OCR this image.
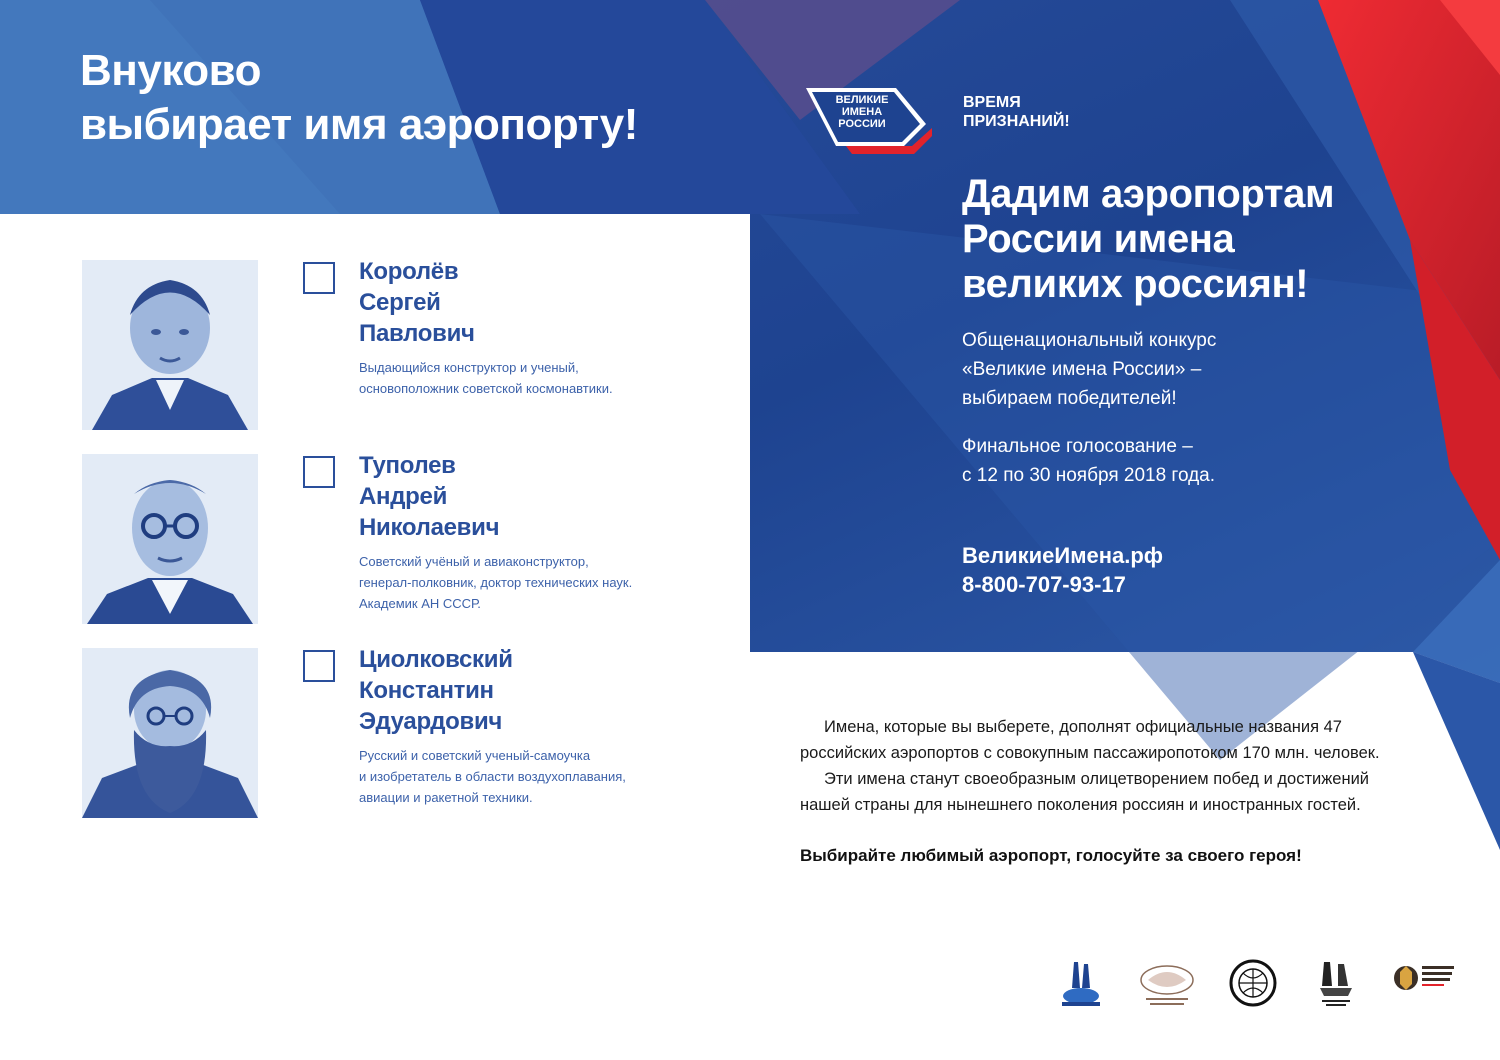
Внуково
выбирает имя аэропорту!
Королёв
Сергей
Павлович
Выдающийся конструктор и ученый,
основоположник советской космонавтики.
Туполев
Андрей
Николаевич
Советский учёный и авиаконструктор,
генерал-полковник, доктор технических наук.
Академик АН СССР.
Циолковский
Константин
Эдуардович
Русский и советский ученый-самоучка
и изобретатель в области воздухоплавания,
авиации и ракетной техники.
ВЕЛИКИЕ
ИМЕНА
РОССИИ
ВРЕМЯ
ПРИЗНАНИЙ!
Дадим аэропортам
России имена
великих россиян!
Общенациональный конкурс
«Великие имена России» –
выбираем победителей!
Финальное голосование –
с 12 по 30 ноября 2018 года.
ВеликиеИмена.рф
8-800-707-93-17

Имена, которые вы выберете, дополнят официальные названия 47
российских аэропортов с совокупным пассажиропотоком 170 млн. человек.

Эти имена станут своеобразным олицетворением побед и достижений
нашей страны для нынешнего поколения россиян и иностранных гостей.

Выбирайте любимый аэропорт, голосуйте за своего героя!
